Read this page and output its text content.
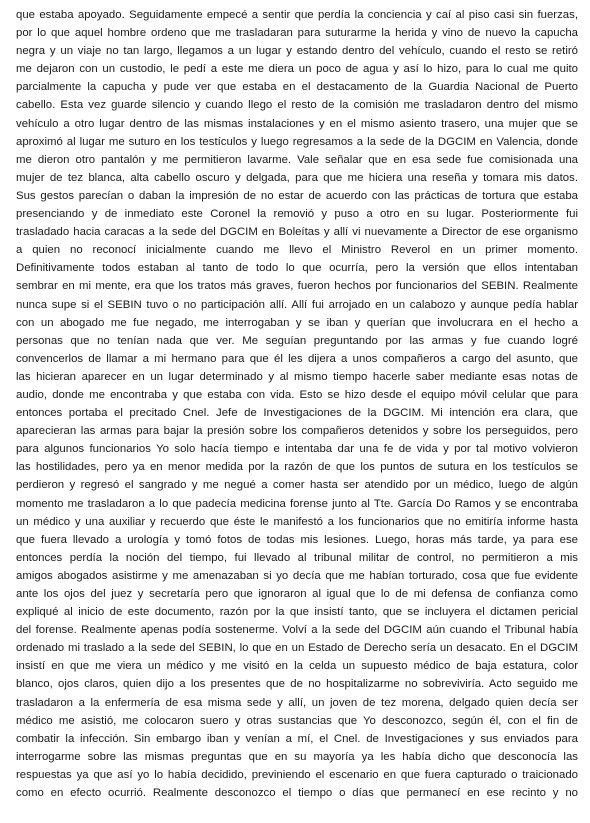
que estaba apoyado. Seguidamente empecé a sentir que perdía la conciencia y caí al piso casi sin fuerzas,
por lo que aquel hombre ordeno que me trasladaran para suturarme la herida y vino de nuevo la capucha
negra y un viaje no tan largo, llegamos a un lugar y estando dentro del vehículo, cuando el resto se retiró
me dejaron con un custodio, le pedí a este me diera un poco de agua y así lo hizo, para lo cual me quito
parcialmente la capucha y pude ver que estaba en el destacamento de la Guardia Nacional de Puerto
cabello. Esta vez guarde silencio y cuando llego el resto de la comisión me trasladaron dentro del mismo
vehículo a otro lugar dentro de las mismas instalaciones y en el mismo asiento trasero, una mujer que se
aproximó al lugar me suturo en los testículos y luego regresamos a la sede de la DGCIM en Valencia, donde
me dieron otro pantalón y me permitieron lavarme. Vale señalar que en esa sede fue comisionada una
mujer de tez blanca, alta cabello oscuro y delgada, para que me hiciera una reseña y tomara mis datos.
Sus gestos parecían o daban la impresión de no estar de acuerdo con las prácticas de tortura que estaba
presenciando y de inmediato este Coronel la removió y puso a otro en su lugar. Posteriormente fui
trasladado hacia caracas a la sede del DGCIM en Boleítas y allí vi nuevamente a Director de ese organismo
a quien no reconocí inicialmente cuando me llevo el Ministro Reverol en un primer momento.
Definitivamente todos estaban al tanto de todo lo que ocurría, pero la versión que ellos intentaban
sembrar en mi mente, era que los tratos más graves, fueron hechos por funcionarios del SEBIN. Realmente
nunca supe si el SEBIN tuvo o no participación allí. Allí fui arrojado en un calabozo y aunque pedía hablar
con un abogado me fue negado, me interrogaban y se iban y querían que involucrara en el hecho a
personas que no tenían nada que ver. Me seguían preguntando por las armas y fue cuando logré
convencerlos de llamar a mi hermano para que él les dijera a unos compañeros a cargo del asunto, que
las hicieran aparecer en un lugar determinado y al mismo tiempo hacerle saber mediante esas notas de
audio, donde me encontraba y que estaba con vida. Esto se hizo desde el equipo móvil celular que para
entonces portaba el precitado Cnel. Jefe de Investigaciones de la DGCIM. Mi intención era clara, que
aparecieran las armas para bajar la presión sobre los compañeros detenidos y sobre los perseguidos, pero
para algunos funcionarios Yo solo hacía tiempo e intentaba dar una fe de vida y por tal motivo volvieron
las hostilidades, pero ya en menor medida por la razón de que los puntos de sutura en los testículos se
perdieron y regresó el sangrado y me negué a comer hasta ser atendido por un médico, luego de algún
momento me trasladaron a lo que padecía medicina forense junto al Tte. García Do Ramos y se encontraba
un médico y una auxiliar y recuerdo que éste le manifestó a los funcionarios que no emitiría informe hasta
que fuera llevado a urología y tomó fotos de todas mis lesiones. Luego, horas más tarde, ya para ese
entonces perdía la noción del tiempo, fui llevado al tribunal militar de control, no permitieron a mis
amigos abogados asistirme y me amenazaban si yo decía que me habían torturado, cosa que fue evidente
ante los ojos del juez y secretaría pero que ignoraron al igual que lo de mi defensa de confianza como
expliqué al inicio de este documento, razón por la que insistí tanto, que se incluyera el dictamen pericial
del forense. Realmente apenas podía sostenerme. Volví a la sede del DGCIM aún cuando el Tribunal había
ordenado mi traslado a la sede del SEBIN, lo que en un Estado de Derecho sería un desacato. En el DGCIM
insistí en que me viera un médico y me visitó en la celda un supuesto médico de baja estatura, color
blanco, ojos claros, quien dijo a los presentes que de no hospitalizarme no sobreviviría. Acto seguido me
trasladaron a la enfermería de esa misma sede y allí, un joven de tez morena, delgado quien decía ser
médico me asistió, me colocaron suero y otras sustancias que Yo desconozco, según él, con el fin de
combatir la infección. Sin embargo iban y venían a mí, el Cnel. de Investigaciones y sus enviados para
interrogarme sobre las mismas preguntas que en su mayoría ya les había dicho que desconocía las
respuestas ya que así yo lo había decidido, previniendo el escenario en que fuera capturado o traicionado
como en efecto ocurrió. Realmente desconozco el tiempo o días que permanecí en ese recinto y no
